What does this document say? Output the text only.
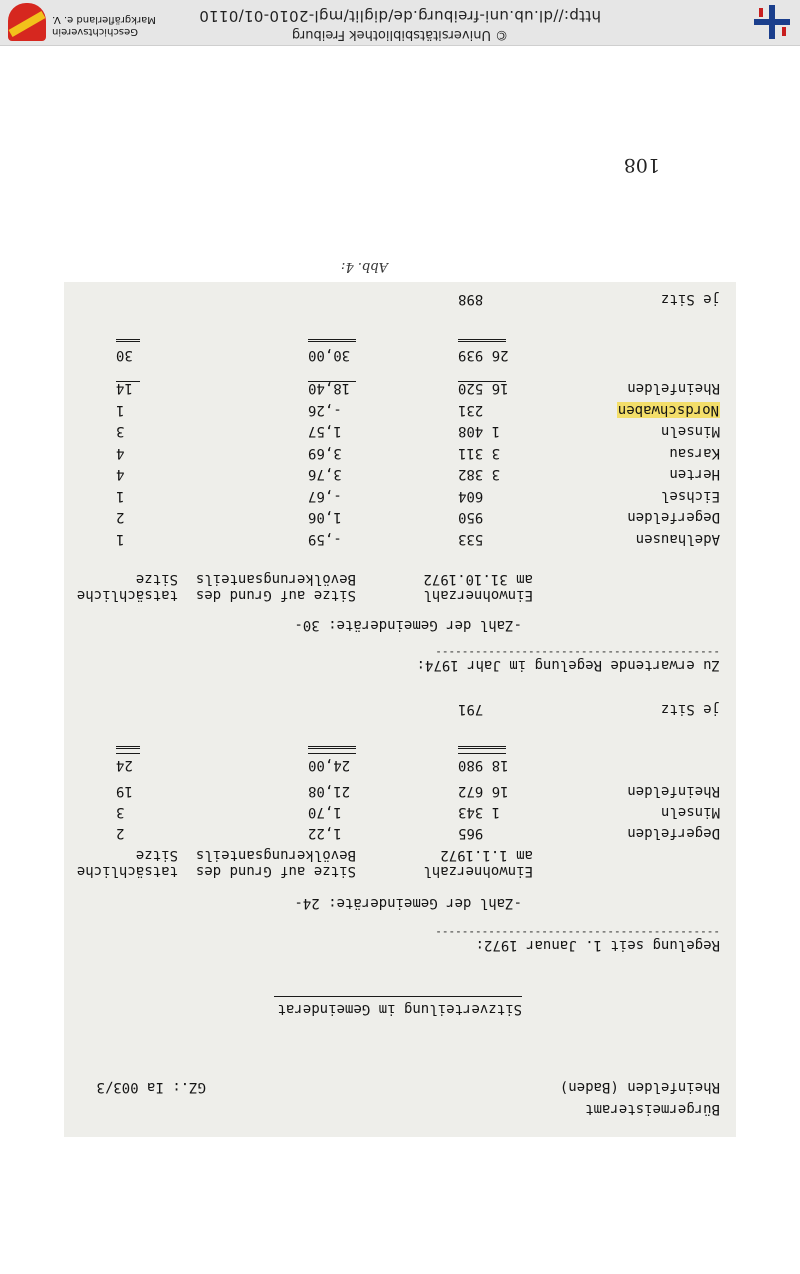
© Universitätsbibliothek Freiburg
http://dl.ub.uni-freiburg.de/diglit/mgl-2010-01/0110
Geschichtsverein
Markgräflerland e. V.
108
Abb. 4:
Bürgermeisteramt
Rheinfelden (Baden)
GZ.: Ia 003/3
Sitzverteilung im Gemeinderat
Regelung seit 1. Januar 1972:
-------------------------------------------
-Zahl der Gemeinderäte: 24-
Einwohnerzahl
am 1.1.1972
Sitze auf Grund des
Bevölkerungsanteils
tatsächliche
Sitze
Degerfelden
965
1,22
2
Minseln
1 343
1,70
3
Rheinfelden
16 672
21,08
19
18 980
24,00
24
je Sitz
791
Zu erwartende Regelung im Jahr 1974:
-------------------------------------------
-Zahl der Gemeinderäte: 30-
Einwohnerzahl
am 31.10.1972
Sitze auf Grund des
Bevölkerungsanteils
tatsächliche
Sitze
Adelhausen
533
-,59
1
Degerfelden
950
1,06
2
Eichsel
604
-,67
1
Herten
3 382
3,76
4
Karsau
3 311
3,69
4
Minseln
1 408
1,57
3
Nordschwaben
231
-,26
1
Rheinfelden
16 520
18,40
14
26 939
30,00
30
je Sitz
898
